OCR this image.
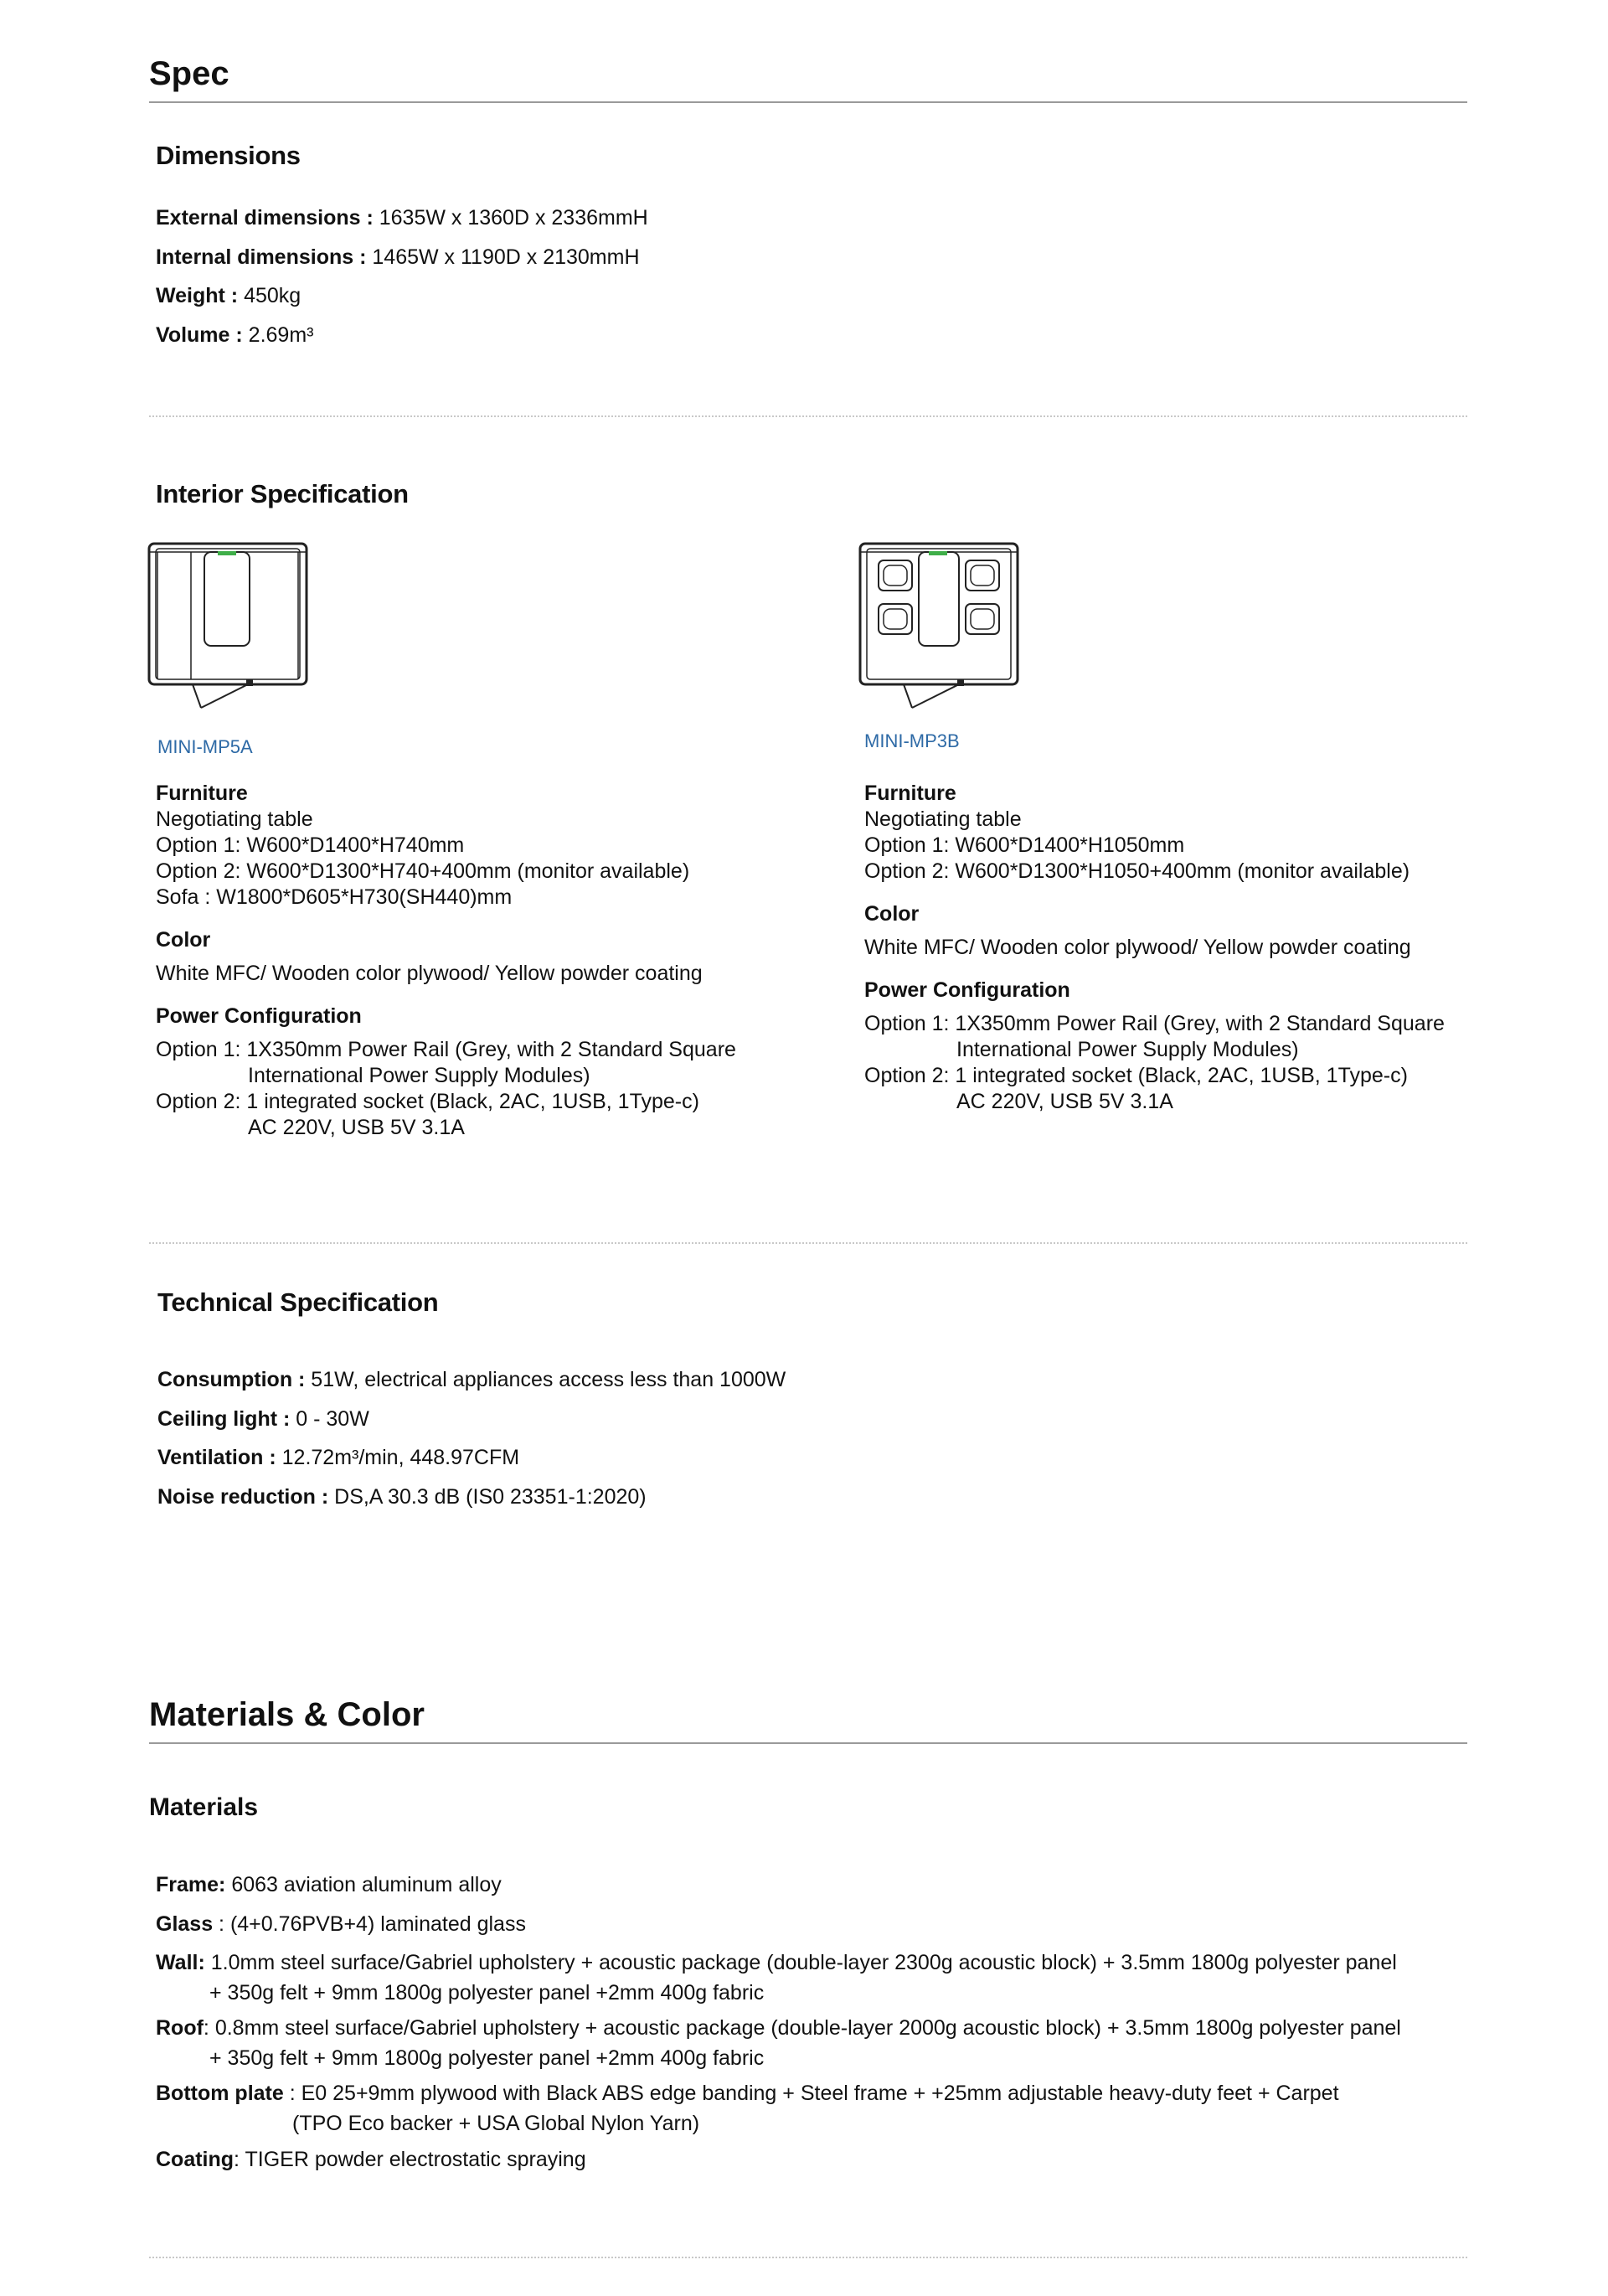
Spec
Dimensions
External dimensions : 1635W x 1360D x 2336mmH
Internal dimensions : 1465W x 1190D x 2130mmH
Weight : 450kg
Volume : 2.69m³
Interior Specification
MINI-MP5A
Furniture
Negotiating table
Option 1: W600*D1400*H740mm
Option 2: W600*D1300*H740+400mm (monitor available)
Sofa : W1800*D605*H730(SH440)mm
Color
White MFC/ Wooden color plywood/ Yellow powder coating
Power Configuration
Option 1: 1X350mm Power Rail (Grey, with 2 Standard Square
International Power Supply Modules)
Option 2: 1 integrated socket (Black, 2AC, 1USB, 1Type-c)
AC 220V, USB 5V 3.1A
MINI-MP3B
Furniture
Negotiating table
Option 1: W600*D1400*H1050mm
Option 2: W600*D1300*H1050+400mm (monitor available)
Color
White MFC/ Wooden color plywood/ Yellow powder coating
Power Configuration
Option 1: 1X350mm Power Rail (Grey, with 2 Standard Square
International Power Supply Modules)
Option 2: 1 integrated socket (Black, 2AC, 1USB, 1Type-c)
AC 220V, USB 5V 3.1A
Technical Specification
Consumption : 51W, electrical appliances access less than 1000W
Ceiling light : 0 - 30W
Ventilation : 12.72m³/min, 448.97CFM
Noise reduction : DS,A 30.3 dB (IS0 23351-1:2020)
Materials & Color
Materials
Frame: 6063 aviation aluminum alloy
Glass : (4+0.76PVB+4) laminated glass
Wall: 1.0mm steel surface/Gabriel upholstery + acoustic package (double-layer 2300g acoustic block) + 3.5mm 1800g polyester panel
+ 350g felt + 9mm 1800g polyester panel +2mm 400g fabric
Roof: 0.8mm steel surface/Gabriel upholstery + acoustic package (double-layer 2000g acoustic block) + 3.5mm 1800g polyester panel
+ 350g felt + 9mm 1800g polyester panel +2mm 400g fabric
Bottom plate : E0 25+9mm plywood with Black ABS edge banding + Steel frame + +25mm adjustable heavy-duty feet + Carpet
(TPO Eco backer + USA Global Nylon Yarn)
Coating: TIGER powder electrostatic spraying
